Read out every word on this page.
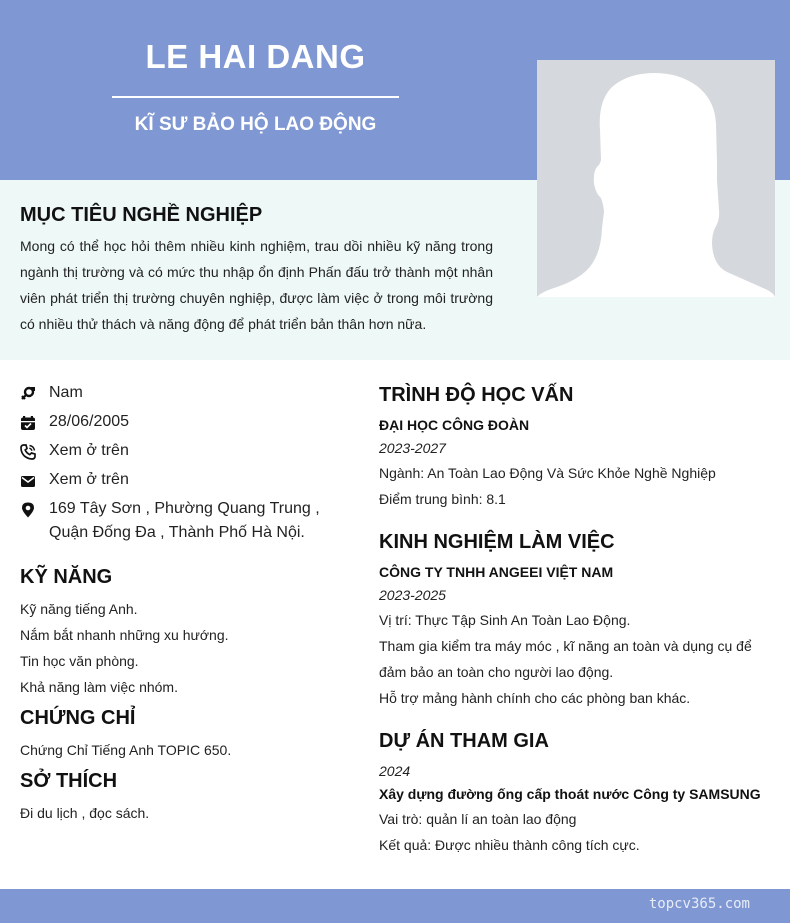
LE HAI DANG
KĨ SƯ BẢO HỘ LAO ĐỘNG
MỤC TIÊU NGHỀ NGHIỆP
Mong có thể học hỏi thêm nhiều kinh nghiệm, trau dồi nhiều kỹ năng trong ngành thị trường và có mức thu nhập ổn định Phấn đấu trở thành một nhân viên phát triển thị trường chuyên nghiệp, được làm việc ở trong môi trường có nhiều thử thách và năng động để phát triển bản thân hơn nữa.
Nam
28/06/2005
Xem ở trên
Xem ở trên
169 Tây Sơn , Phường Quang Trung ,
Quận Đống Đa , Thành Phố Hà Nội.
KỸ NĂNG
Kỹ năng tiếng Anh.
Nắm bắt nhanh những xu hướng.
Tin học văn phòng.
Khả năng làm việc nhóm.
CHỨNG CHỈ
Chứng Chỉ Tiếng Anh TOPIC 650.
SỞ THÍCH
Đi du lịch , đọc sách.
TRÌNH ĐỘ HỌC VẤN
ĐẠI HỌC CÔNG ĐOÀN
2023-2027
Ngành: An Toàn Lao Động Và Sức Khỏe Nghề Nghiệp
Điểm trung bình: 8.1
KINH NGHIỆM LÀM VIỆC
CÔNG TY TNHH ANGEEI VIỆT NAM
2023-2025
Vị trí: Thực Tập Sinh An Toàn Lao Động.
Tham gia kiểm tra máy móc , kĩ năng an toàn và dụng cụ để
đảm bảo an toàn cho người lao động.
Hỗ trợ mảng hành chính cho các phòng ban khác.
DỰ ÁN THAM GIA
2024
Xây dựng đường ống cấp thoát nước Công ty SAMSUNG
Vai trò: quản lí an toàn lao động
Kết quả: Được nhiều thành công tích cực.
topcv365.com
